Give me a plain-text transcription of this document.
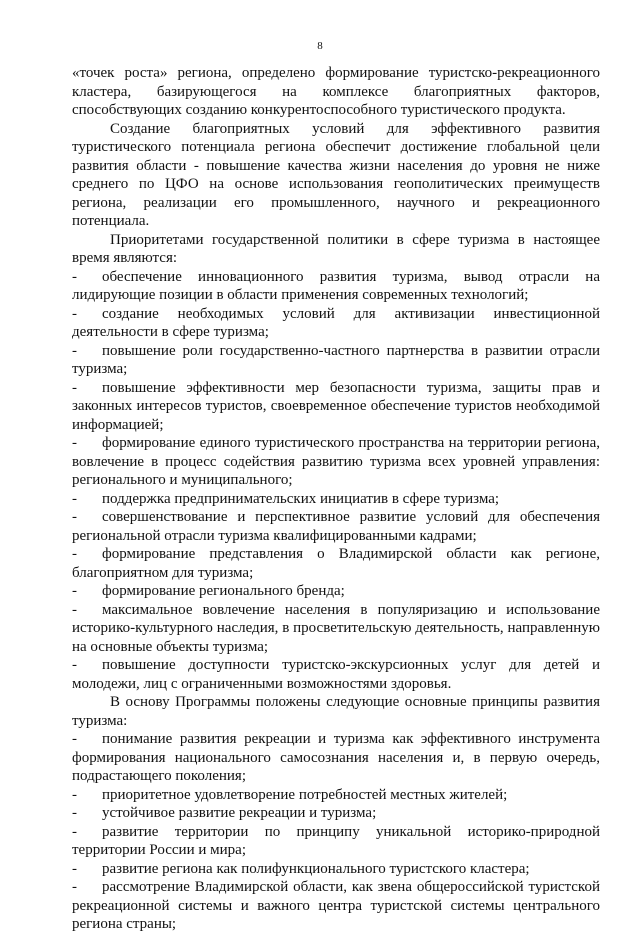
8

«точек роста» региона, определено формирование туристско-рекреационного кластера, базирующегося на комплексе благоприятных факторов, способствующих созданию конкурентоспособного туристического продукта.

Создание благоприятных условий для эффективного развития туристического потенциала региона обеспечит достижение глобальной цели развития области - повышение качества жизни населения до уровня не ниже среднего по ЦФО на основе использования геополитических преимуществ региона, реализации его промышленного, научного и рекреационного потенциала.

Приоритетами государственной политики в сфере туризма в настоящее время являются:

- обеспечение инновационного развития туризма, вывод отрасли на лидирующие позиции в области применения современных технологий;

- создание необходимых условий для активизации инвестиционной деятельности в сфере туризма;

- повышение роли государственно-частного партнерства в развитии отрасли туризма;

- повышение эффективности мер безопасности туризма, защиты прав и законных интересов туристов, своевременное обеспечение туристов необходимой информацией;

- формирование единого туристического пространства на территории региона, вовлечение в процесс содействия развитию туризма всех уровней управления: регионального и муниципального;

- поддержка предпринимательских инициатив в сфере туризма;

- совершенствование и перспективное развитие условий для обеспечения региональной отрасли туризма квалифицированными кадрами;

- формирование представления о Владимирской области как регионе, благоприятном для туризма;

- формирование регионального бренда;

- максимальное вовлечение населения в популяризацию и использование историко-культурного наследия, в просветительскую деятельность, направленную на основные объекты туризма;

- повышение доступности туристско-экскурсионных услуг для детей и молодежи, лиц с ограниченными возможностями здоровья.

В основу Программы положены следующие основные принципы развития туризма:

- понимание развития рекреации и туризма как эффективного инструмента формирования национального самосознания населения и, в первую очередь, подрастающего поколения;

- приоритетное удовлетворение потребностей местных жителей;

- устойчивое развитие рекреации и туризма;

- развитие территории по принципу уникальной историко-природной территории России и мира;

- развитие региона как полифункционального туристского кластера;

- рассмотрение Владимирской области, как звена общероссийской туристской рекреационной системы и важного центра туристской системы центрального региона страны;
